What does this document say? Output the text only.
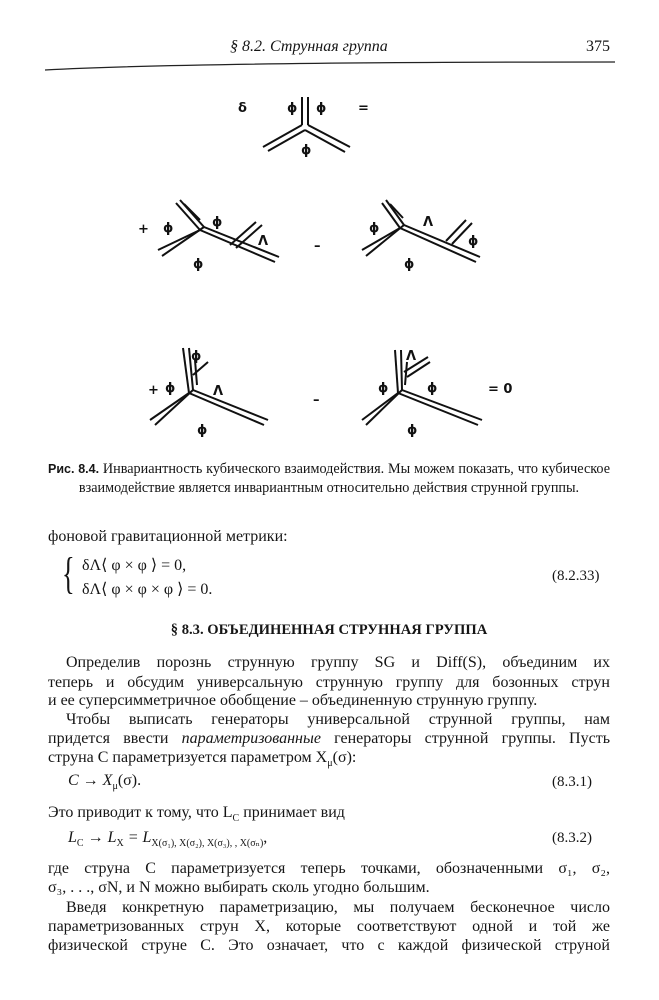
§ 8.2. Струнная группа	375
δ	ϕ ϕ =
ϕ
+ ϕ	ϕ
Λ
ϕ
–
ϕ	Λ
ϕ
ϕ
+
ϕ
ϕ	Λ
ϕ
–
Λ
ϕ	ϕ
ϕ
= 0
Рис. 8.4. Инвариантность кубического взаимодействия. Мы можем показать, что кубическое взаимодействие является инвариантным относительно действия струнной группы.
фоновой гравитационной метрики:
{ δΛ⟨ φ × φ ⟩ = 0,
δΛ⟨ φ × φ × φ ⟩ = 0.
(8.2.33)
§ 8.3. ОБЪЕДИНЕННАЯ СТРУННАЯ ГРУППА
Определив порознь струнную группу SG и Diff(S), объединим их
теперь и обсудим универсальную струнную группу для бозонных струн
и ее суперсимметричное обобщение – объединенную струнную группу.
Чтобы выписать генераторы универсальной струнной группы, нам
придется ввести параметризованные генераторы струнной группы. Пусть
струна C параметризуется параметром $X_\mu(\sigma)$:
$C \to X_\mu(\sigma)$.	(8.3.1)
Это приводит к тому, что $L_C$ принимает вид
$L_C \to L_X = L_{X(\sigma_1), X(\sigma_2), X(\sigma_3), , X(\sigma_n)}$,	(8.3.2)
где струна C параметризуется теперь точками, обозначенными σ₁, σ₂,
σ₃, . . ., σN, и N можно выбирать сколь угодно большим.
Введя конкретную параметризацию, мы получаем бесконечное число
параметризованных струн X, которые соответствуют одной и той же
физической струне C. Это означает, что с каждой физической струной
